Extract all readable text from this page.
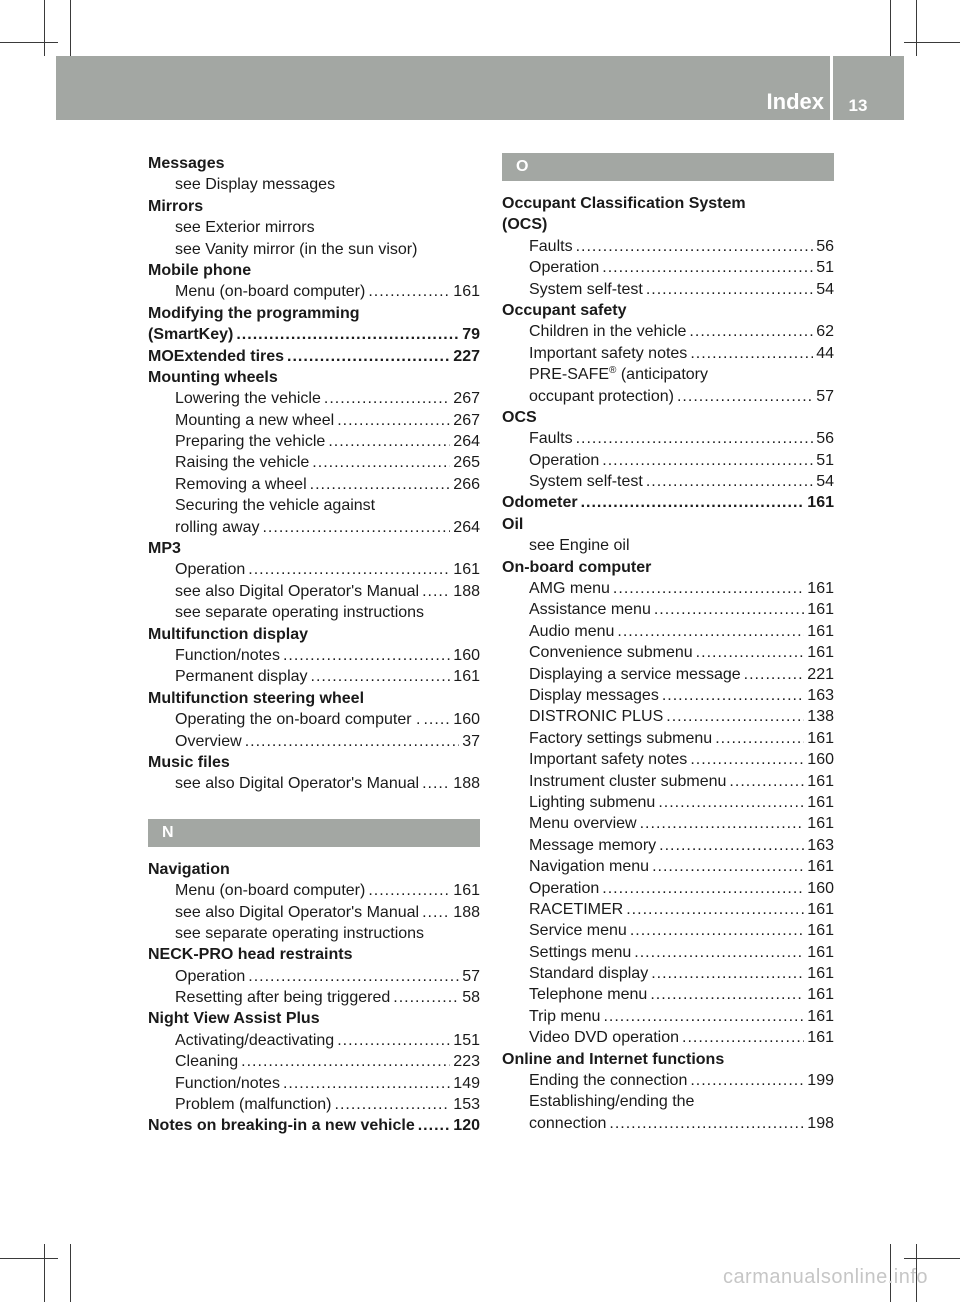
Index	13
Messages
see Display messages
Mirrors
see Exterior mirrors
see Vanity mirror (in the sun visor)
Mobile phone
Menu (on-board computer) .....	161
Modifying the programming
(SmartKey) .....	79
MOExtended tires .....	227
Mounting wheels
Lowering the vehicle .....	267
Mounting a new wheel .....	267
Preparing the vehicle .....	264
Raising the vehicle .....	265
Removing a wheel .....	266
Securing the vehicle against
rolling away .....	264
MP3
Operation .....	161
see also Digital Operator's Manual ..... 188
see separate operating instructions
Multifunction display
Function/notes .....	160
Permanent display .....	161
Multifunction steering wheel
Operating the on-board computer . ..... 160
Overview .....	37
Music files
see also Digital Operator's Manual ..... 188
N
Navigation
Menu (on-board computer) .....	161
see also Digital Operator's Manual ..... 188
see separate operating instructions
NECK-PRO head restraints
Operation .....	57
Resetting after being triggered .....	58
Night View Assist Plus
Activating/deactivating .....	151
Cleaning .....	223
Function/notes .....	149
Problem (malfunction) .....	153
Notes on breaking-in a new vehicle ..... 120
O
Occupant Classification System
(OCS)
Faults .....	56
Operation .....	51
System self-test .....	54
Occupant safety
Children in the vehicle .....	62
Important safety notes .....	44
PRE-SAFE® (anticipatory
occupant protection) .....	57
OCS
Faults .....	56
Operation .....	51
System self-test .....	54
Odometer .....	161
Oil
see Engine oil
On-board computer
AMG menu .....	161
Assistance menu .....	161
Audio menu .....	161
Convenience submenu .....	161
Displaying a service message .....	221
Display messages .....	163
DISTRONIC PLUS .....	138
Factory settings submenu .....	161
Important safety notes .....	160
Instrument cluster submenu .....	161
Lighting submenu .....	161
Menu overview .....	161
Message memory .....	163
Navigation menu .....	161
Operation .....	160
RACETIMER .....	161
Service menu .....	161
Settings menu .....	161
Standard display .....	161
Telephone menu .....	161
Trip menu .....	161
Video DVD operation .....	161
Online and Internet functions
Ending the connection .....	199
Establishing/ending the
connection .....	198
carmanualsonline.info
